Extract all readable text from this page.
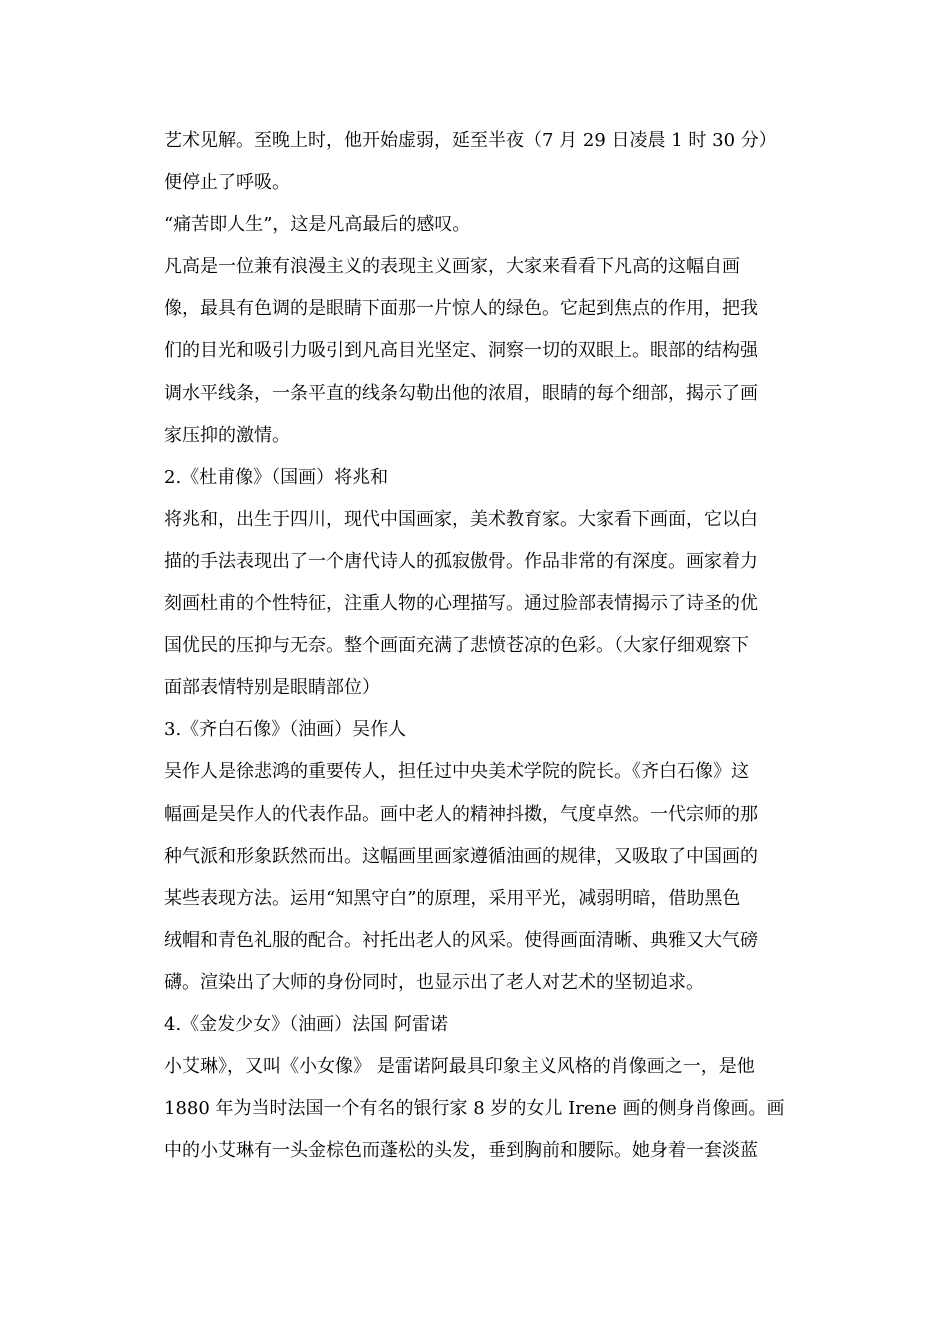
艺术见解。至晚上时，他开始虚弱，延至半夜（7 月 29 日凌晨 1 时 30 分）
便停止了呼吸。
“痛苦即人生”，这是凡高最后的感叹。
凡高是一位兼有浪漫主义的表现主义画家，大家来看看下凡高的这幅自画
像，最具有色调的是眼睛下面那一片惊人的绿色。它起到焦点的作用，把我
们的目光和吸引力吸引到凡高目光坚定、洞察一切的双眼上。眼部的结构强
调水平线条，一条平直的线条勾勒出他的浓眉，眼睛的每个细部，揭示了画
家压抑的激情。
2.《杜甫像》（国画）将兆和
将兆和，出生于四川，现代中国画家，美术教育家。大家看下画面，它以白
描的手法表现出了一个唐代诗人的孤寂傲骨。作品非常的有深度。画家着力
刻画杜甫的个性特征，注重人物的心理描写。通过脸部表情揭示了诗圣的优
国优民的压抑与无奈。整个画面充满了悲愤苍凉的色彩。（大家仔细观察下
面部表情特别是眼睛部位）
3.《齐白石像》（油画）吴作人
吴作人是徐悲鸿的重要传人，担任过中央美术学院的院长。《齐白石像》这
幅画是吴作人的代表作品。画中老人的精神抖擞，气度卓然。一代宗师的那
种气派和形象跃然而出。这幅画里画家遵循油画的规律，又吸取了中国画的
某些表现方法。运用“知黑守白”的原理，采用平光，减弱明暗，借助黑色
绒帽和青色礼服的配合。衬托出老人的风采。使得画面清晰、典雅又大气磅
礴。渲染出了大师的身份同时，也显示出了老人对艺术的坚韧追求。
4.《金发少女》（油画）法国 阿雷诺
小艾琳》，又叫《小女像》 是雷诺阿最具印象主义风格的肖像画之一，是他
1880 年为当时法国一个有名的银行家 8 岁的女儿 Irene 画的侧身肖像画。画
中的小艾琳有一头金棕色而蓬松的头发，垂到胸前和腰际。她身着一套淡蓝
